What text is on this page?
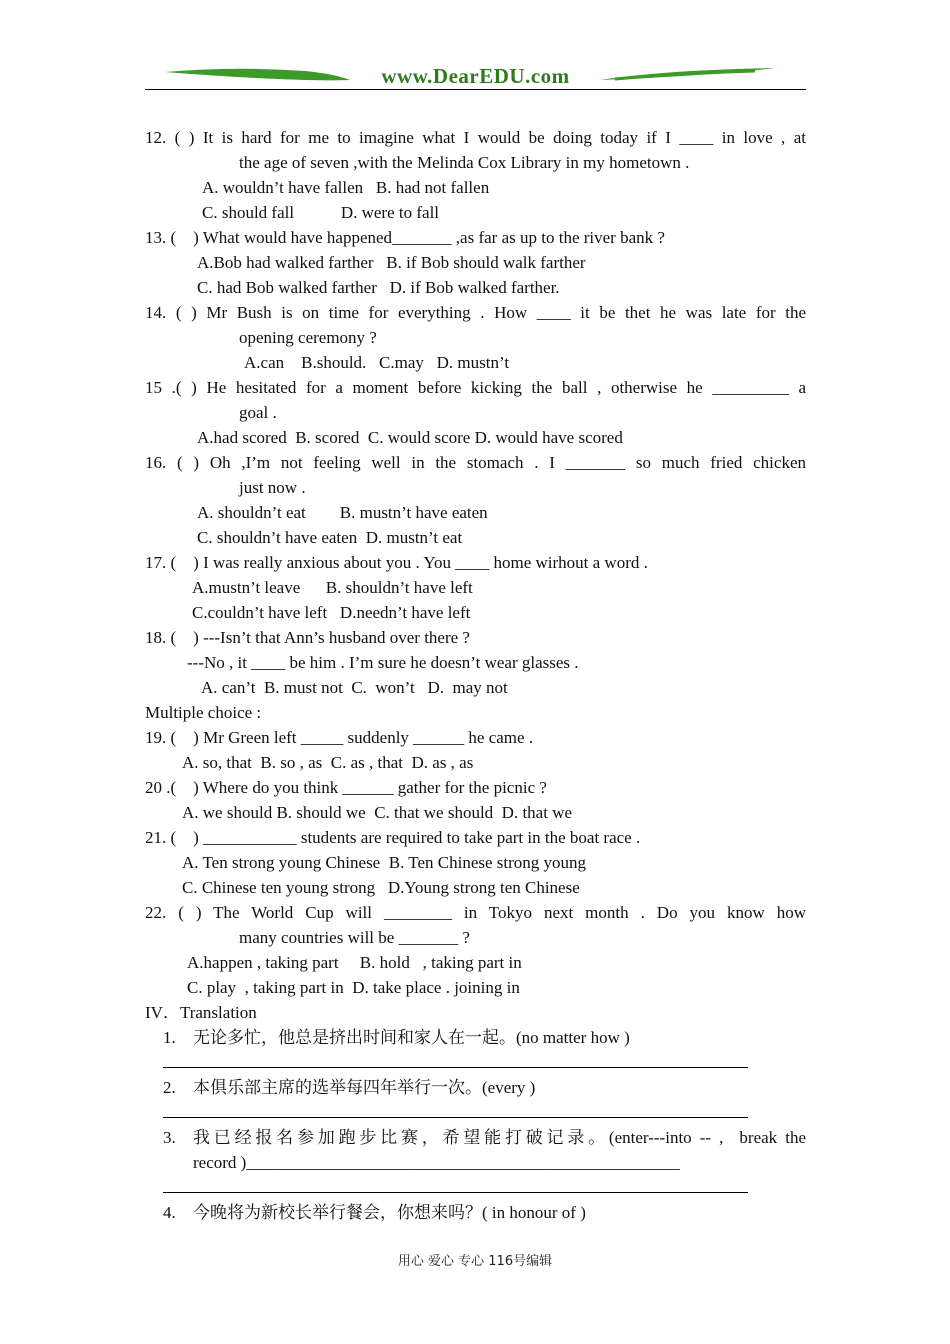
www.DearEDU.com
12. ( ) It is hard for me to imagine what I would be doing today if I ____ in love , at
the age of seven ,with the Melinda Cox Library in my hometown .
A. wouldn’t have fallen   B. had not fallen
C. should fall           D. were to fall
13. (    ) What would have happened_______ ,as far as up to the river bank ?
A.Bob had walked farther   B. if Bob should walk farther
C. had Bob walked farther   D. if Bob walked farther.
14. ( ) Mr Bush is on time for everything . How ____ it be thet he was late for the
opening ceremony ?
A.can    B.should.   C.may   D. mustn’t
15 .( ) He hesitated for a moment before kicking the ball , otherwise he _________ a
goal .
A.had scored  B. scored  C. would score D. would have scored
16. ( ) Oh ,I’m not feeling well in the stomach . I _______ so much fried chicken
just now .
A. shouldn’t eat        B. mustn’t have eaten
C. shouldn’t have eaten  D. mustn’t eat
17. (    ) I was really anxious about you . You ____ home wirhout a word .
A.mustn’t leave      B. shouldn’t have left
C.couldn’t have left   D.needn’t have left
18. (    ) ---Isn’t that Ann’s husband over there ?
---No , it ____ be him . I’m sure he doesn’t wear glasses .
A. can’t  B. must not  C.  won’t   D.  may not
Multiple choice :
19. (    ) Mr Green left _____ suddenly ______ he came .
A. so, that  B. so , as  C. as , that  D. as , as
20 .(    ) Where do you think ______ gather for the picnic ?
A. we should B. should we  C. that we should  D. that we
21. (    ) ___________ students are required to take part in the boat race .
A. Ten strong young Chinese  B. Ten Chinese strong young
C. Chinese ten young strong   D.Young strong ten Chinese
22. ( ) The World Cup will ________ in Tokyo next month . Do you know how
many countries will be _______ ?
A.happen , taking part     B. hold   , taking part in
C. play  , taking part in  D. take place . joining in
IV．Translation
1. 无论多忙，他总是挤出时间和家人在一起。(no matter how )
2. 本俱乐部主席的选举每四年举行一次。(every )
3.	我已经报名参加跑步比赛，希望能打破记录。(enter---into -- ,  break the
record )___________________________________________________
4. 今晚将为新校长举行餐会，你想来吗？( in honour of )
用心 爱心 专心 116号编辑
